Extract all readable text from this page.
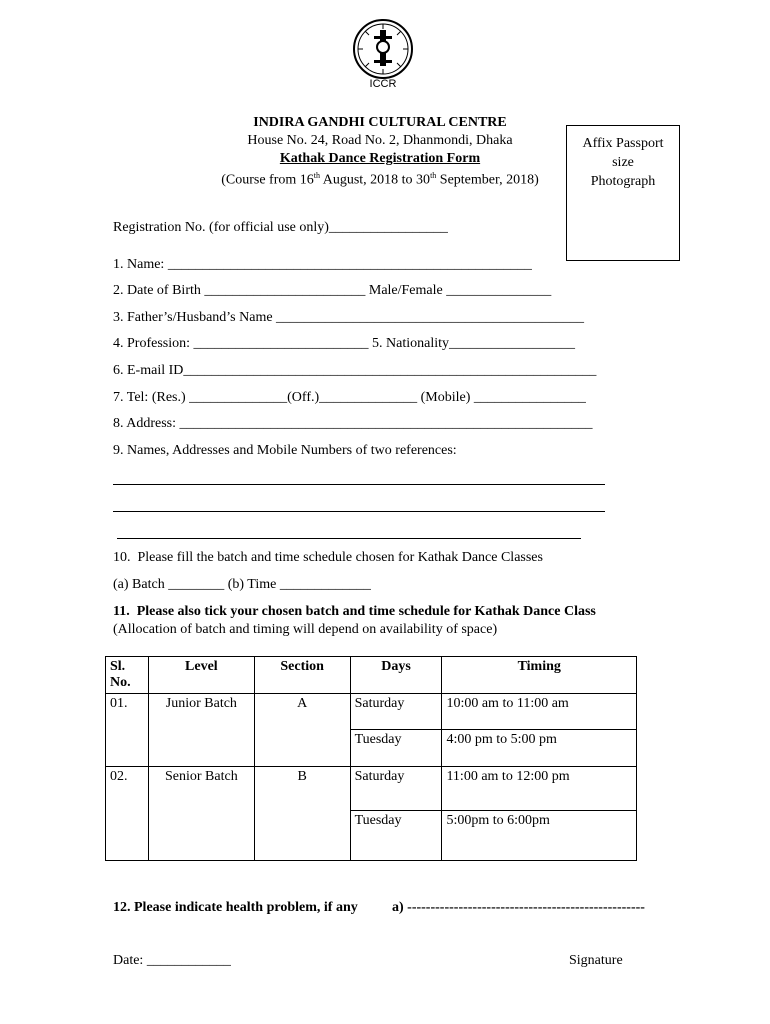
ICCR
INDIRA GANDHI CULTURAL CENTRE
House No. 24, Road No. 2, Dhanmondi, Dhaka
Kathak Dance Registration Form
(Course from 16th August, 2018 to 30th September, 2018)
Affix Passport
size
Photograph
Registration No. (for official use only)_________________
1. Name: ____________________________________________________
2. Date of Birth _______________________ Male/Female _______________
3. Father’s/Husband’s Name ____________________________________________
4. Profession: _________________________ 5. Nationality__________________
6. E-mail ID___________________________________________________________
7. Tel: (Res.) ______________(Off.)______________ (Mobile) ________________
8. Address: ___________________________________________________________
9. Names, Addresses and Mobile Numbers of two references:
10.  Please fill the batch and time schedule chosen for Kathak Dance Classes
(a) Batch ________ (b) Time _____________
11.  Please also tick your chosen batch and time schedule for Kathak Dance Class
(Allocation of batch and timing will depend on availability of space)
Sl. No.	Level	Section	Days	Timing
01.	Junior Batch	A	Saturday	10:00 am to 11:00 am
			Tuesday	4:00 pm to 5:00 pm
02.	Senior Batch	B	Saturday	11:00 am to 12:00 pm
			Tuesday	5:00pm to 6:00pm
12. Please indicate health problem, if any a) ---------------------------------------------------
Date: ____________	Signature
